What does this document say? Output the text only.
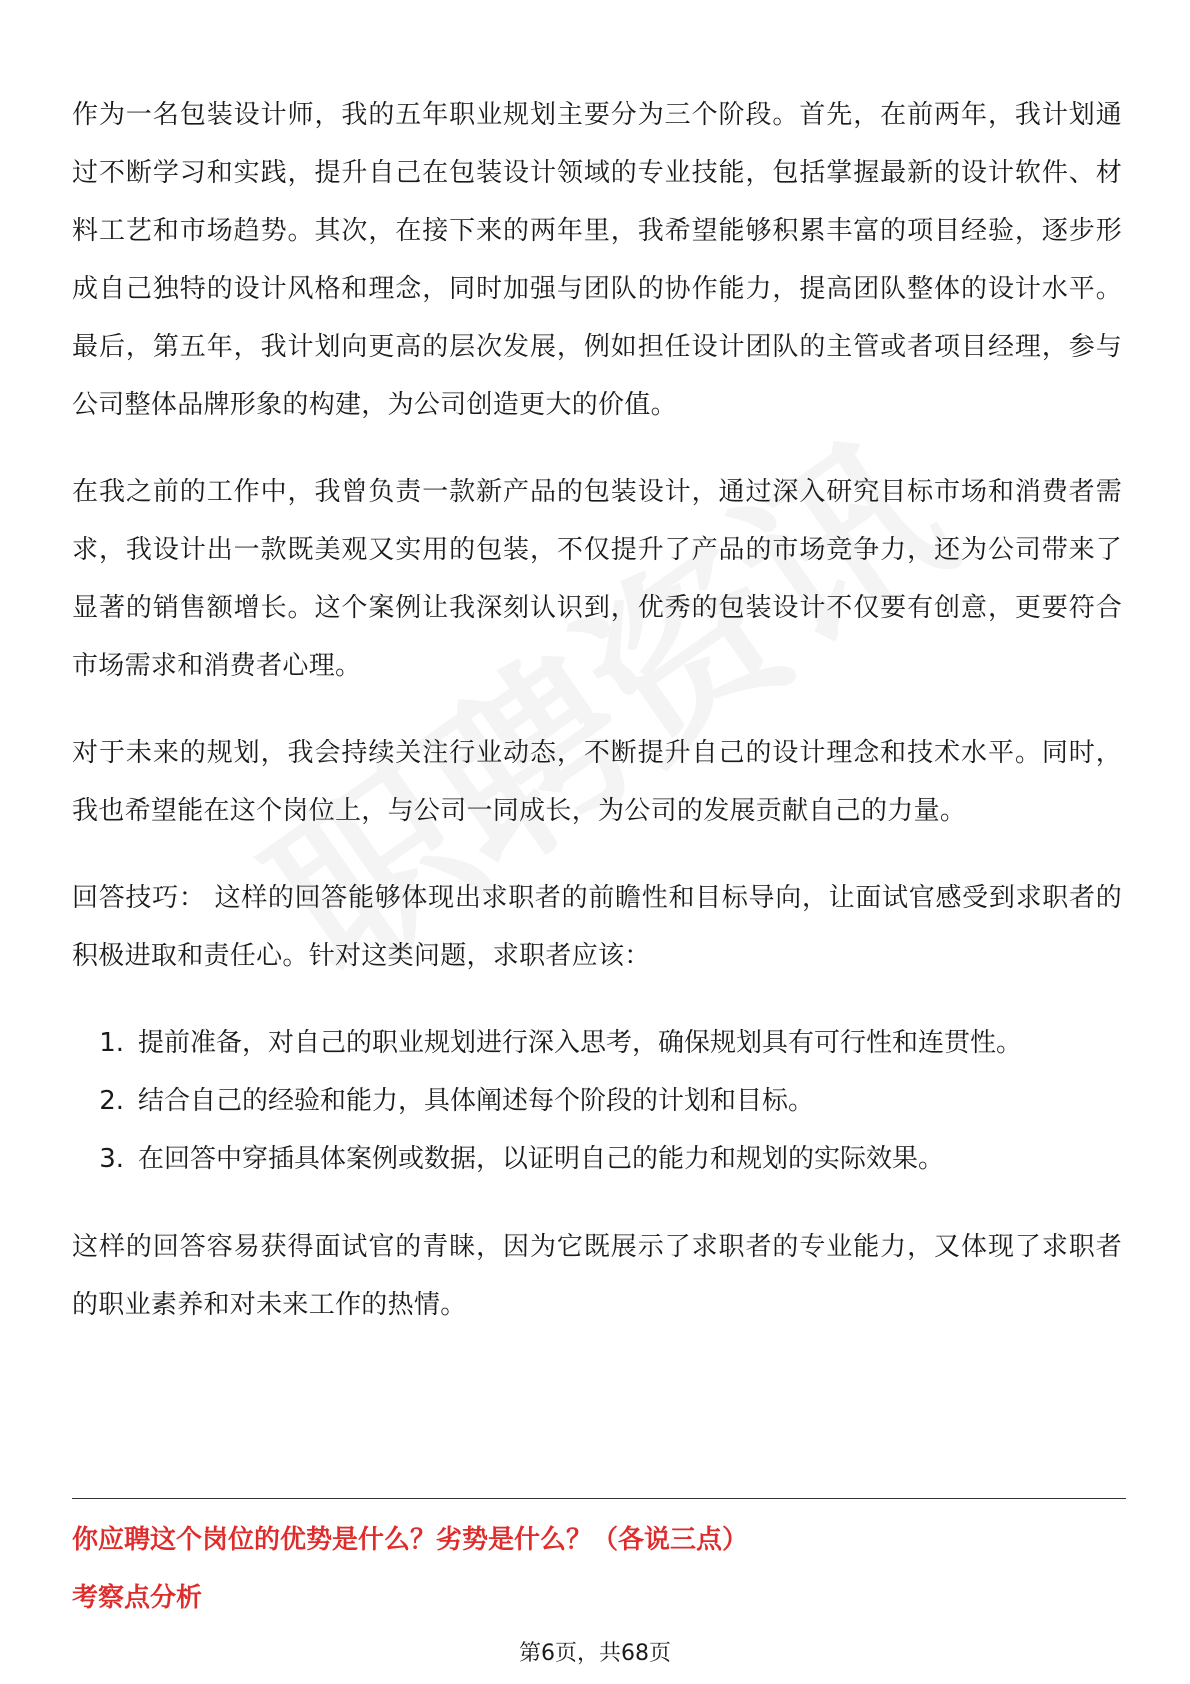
作为一名包装设计师，我的五年职业规划主要分为三个阶段。首先，在前两年，我计划通过不断学习和实践，提升自己在包装设计领域的专业技能，包括掌握最新的设计软件、材料工艺和市场趋势。其次，在接下来的两年里，我希望能够积累丰富的项目经验，逐步形成自己独特的设计风格和理念，同时加强与团队的协作能力，提高团队整体的设计水平。最后，第五年，我计划向更高的层次发展，例如担任设计团队的主管或者项目经理，参与公司整体品牌形象的构建，为公司创造更大的价值。

在我之前的工作中，我曾负责一款新产品的包装设计，通过深入研究目标市场和消费者需求，我设计出一款既美观又实用的包装，不仅提升了产品的市场竞争力，还为公司带来了显著的销售额增长。这个案例让我深刻认识到，优秀的包装设计不仅要有创意，更要符合市场需求和消费者心理。

对于未来的规划，我会持续关注行业动态，不断提升自己的设计理念和技术水平。同时，我也希望能在这个岗位上，与公司一同成长，为公司的发展贡献自己的力量。

回答技巧： 这样的回答能够体现出求职者的前瞻性和目标导向，让面试官感受到求职者的积极进取和责任心。针对这类问题，求职者应该：

1. 提前准备，对自己的职业规划进行深入思考，确保规划具有可行性和连贯性。
2. 结合自己的经验和能力，具体阐述每个阶段的计划和目标。
3. 在回答中穿插具体案例或数据，以证明自己的能力和规划的实际效果。

这样的回答容易获得面试官的青睐，因为它既展示了求职者的专业能力，又体现了求职者的职业素养和对未来工作的热情。

你应聘这个岗位的优势是什么？劣势是什么？（各说三点）
考察点分析
第6页，共68页
